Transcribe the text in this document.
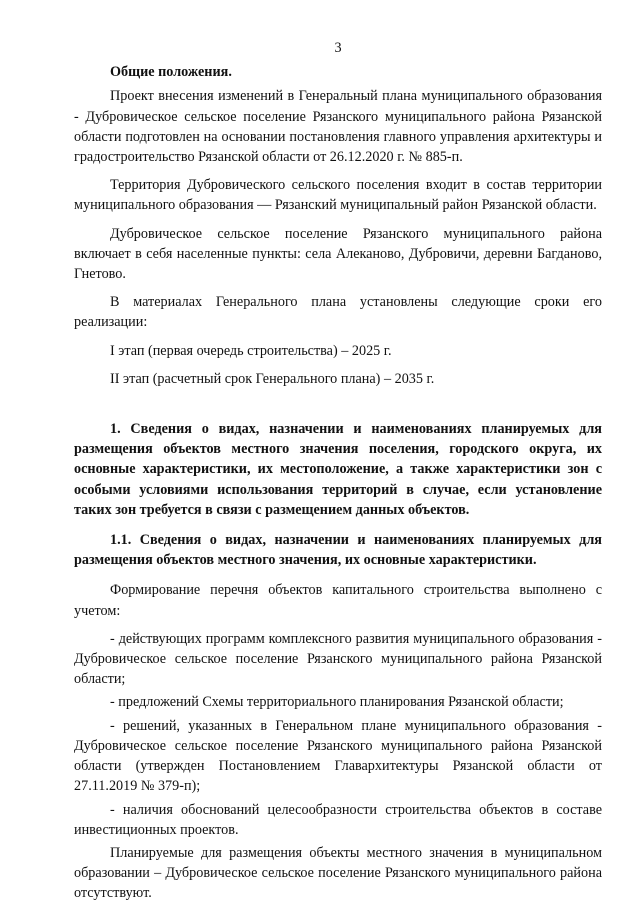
3
Общие положения.

Проект внесения изменений в Генеральный плана муниципального образования - Дубровическое сельское поселение Рязанского муниципального района Рязанской области подготовлен на основании постановления главного управления архитектуры и градостроительство Рязанской области от 26.12.2020 г. № 885-п.

Территория Дубровического сельского поселения входит в состав территории муниципального образования — Рязанский муниципальный район Рязанской области.

Дубровическое сельское поселение Рязанского муниципального района включает в себя населенные пункты: села Алеканово, Дубровичи, деревни Багданово, Гнетово.

В материалах Генерального плана установлены следующие сроки его реализации:

I этап (первая очередь строительства) – 2025 г.

II этап (расчетный срок Генерального плана) – 2035 г.

1. Сведения о видах, назначении и наименованиях планируемых для размещения объектов местного значения поселения, городского округа, их основные характеристики, их местоположение, а также характеристики зон с особыми условиями использования территорий в случае, если установление таких зон требуется в связи с размещением данных объектов.
1.1. Сведения о видах, назначении и наименованиях планируемых для размещения объектов местного значения, их основные характеристики.

Формирование перечня объектов капитального строительства выполнено с учетом:

- действующих программ комплексного развития муниципального образования - Дубровическое сельское поселение Рязанского муниципального района Рязанской области;

- предложений Схемы территориального планирования Рязанской области;

- решений, указанных в Генеральном плане муниципального образования - Дубровическое сельское поселение Рязанского муниципального района Рязанской области (утвержден Постановлением Главархитектуры Рязанской области от 27.11.2019 № 379-п);

- наличия обоснований целесообразности строительства объектов в составе инвестиционных проектов.

Планируемые для размещения объекты местного значения в муниципальном образовании – Дубровическое сельское поселение Рязанского муниципального района отсутствуют.
